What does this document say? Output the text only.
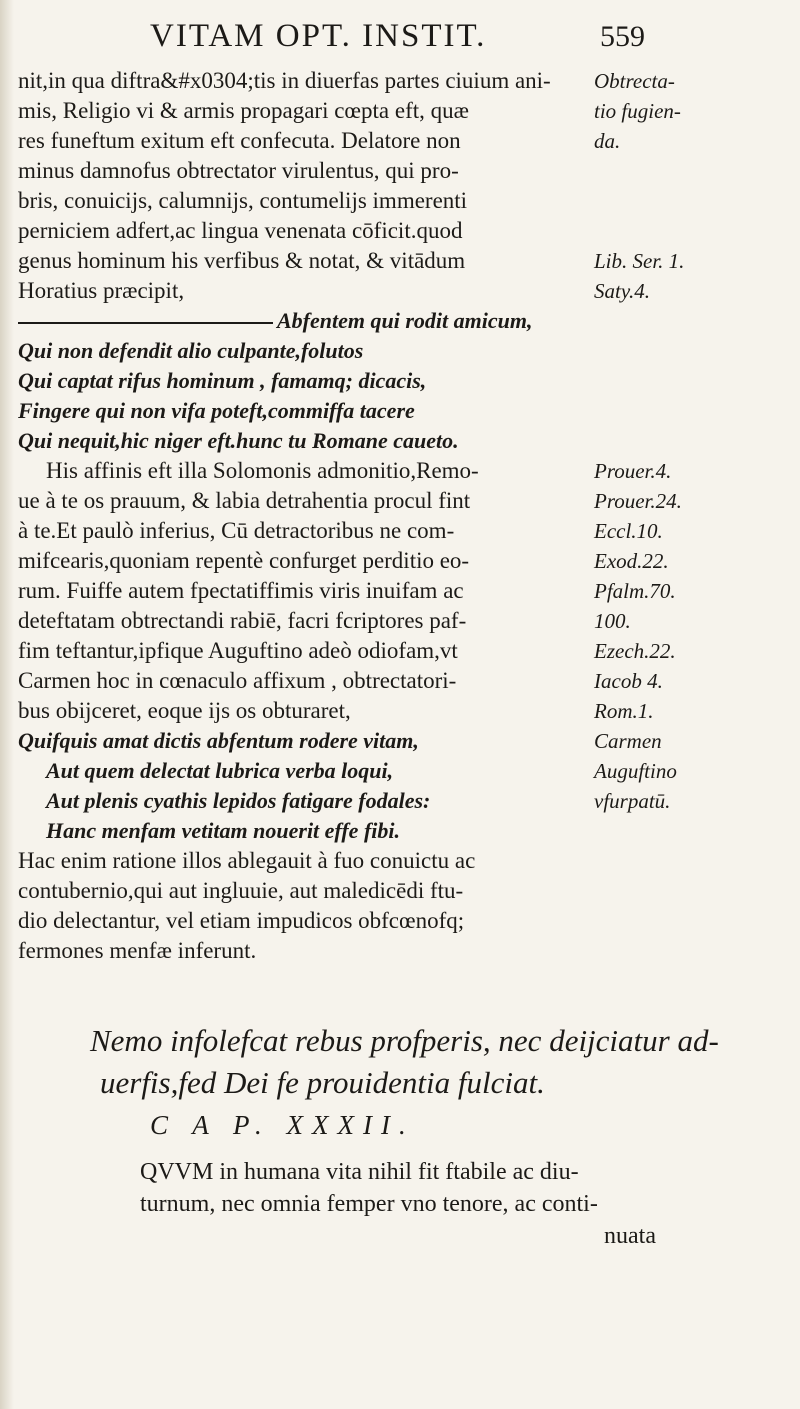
VITAM OPT. INSTIT.	559
nit,in qua diftra&#x0304;tis in diuerfas partes ciuium ani-
mis, Religio vi & armis propagari cœpta eft, quæ
res funeftum exitum eft confecuta. Delatore non
minus damnofus obtrectator virulentus, qui pro-
bris, conuicijs, calumnijs, contumelijs immerenti
perniciem adfert,ac lingua venenata cōficit.quod
genus hominum his verfibus & notat, & vitādum
Horatius præcipit,
Abfentem qui rodit amicum,
Qui non defendit alio culpante,folutos
Qui captat rifus hominum , famamq; dicacis,
Fingere qui non vifa poteft,commiffa tacere
Qui nequit,hic niger eft.hunc tu Romane caueto.
His affinis eft illa Solomonis admonitio,Remo-
ue à te os prauum, & labia detrahentia procul fint
à te.Et paulò inferius, Cū detractoribus ne com-
mifcearis,quoniam repentè confurget perditio eo-
rum. Fuiffe autem fpectatiffimis viris inuifam ac
deteftatam obtrectandi rabiē, facri fcriptores paf-
fim teftantur,ipfique Auguftino adeò odiofam,vt
Carmen hoc in cœnaculo affixum , obtrectatori-
bus obijceret, eoque ijs os obturaret,
Quifquis amat dictis abfentum rodere vitam,
Aut quem delectat lubrica verba loqui,
Aut plenis cyathis lepidos fatigare fodales:
Hanc menfam vetitam nouerit effe fibi.
Hac enim ratione illos ablegauit à fuo conuictu ac
contubernio,qui aut ingluuie, aut maledicēdi ftu-
dio delectantur, vel etiam impudicos obfcœnofq;
fermones menfæ inferunt.
Obtrecta-
tio fugien-
da.
Lib. Ser. 1.
Saty.4.
Prouer.4.
Prouer.24.
Eccl.10.
Exod.22.
Pfalm.70.
100.
Ezech.22.
Iacob 4.
Rom.1.
Carmen
Auguftino
vfurpatū.
Nemo infolefcat rebus profperis, nec deijciatur ad-
uerfis,fed Dei fe prouidentia fulciat.
C A P. XXXII.
QVVM in humana vita nihil fit ftabile ac diu-
turnum, nec omnia femper vno tenore, ac conti-
nuata
